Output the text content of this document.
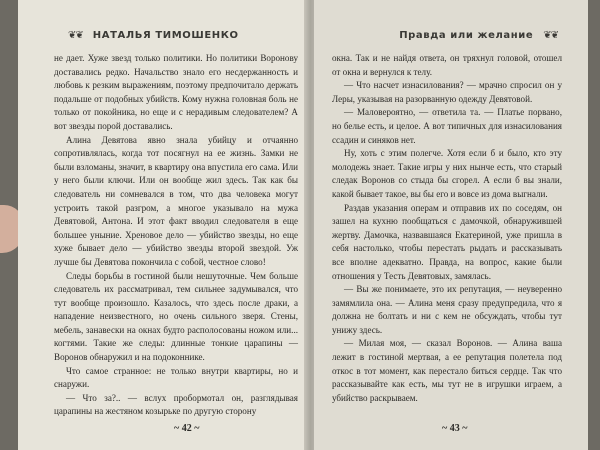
❦❦ НАТАЛЬЯ ТИМОШЕНКО

не дает. Хуже звезд только политики. Но политики Воронову доставались редко. Начальство знало его несдержанность и любовь к резким выражениям, поэтому предпочитало держать подальше от подобных убийств. Кому нужна головная боль не только от покойника, но еще и с нерадивым следователем? А вот звезды порой доставались.

Алина Девятова явно знала убийцу и отчаянно сопротивлялась, когда тот посягнул на ее жизнь. Замки не были взломаны, значит, в квартиру она впустила его сама. Или у него были ключи. Или он вообще жил здесь. Так как бы следователь ни сомневался в том, что два человека могут устроить такой разгром, а многое указывало на мужа Девятовой, Антона. И этот факт вводил следователя в еще большее уныние. Хреновое дело — убийство звезды, но еще хуже бывает дело — убийство звезды второй звездой. Уж лучше бы Девятова покончила с собой, честное слово!

Следы борьбы в гостиной были нешуточные. Чем больше следователь их рассматривал, тем сильнее задумывался, что тут вообще произошло. Казалось, что здесь после драки, а нападение неизвестного, но очень сильного зверя. Стены, мебель, занавески на окнах будто располосованы ножом или... когтями. Такие же следы: длинные тонкие царапины — Воронов обнаружил и на подоконнике.

Что самое странное: не только внутри квартиры, но и снаружи.

— Что за?.. — вслух пробормотал он, разглядывая царапины на жестяном козырьке по другую сторону

~ 42 ~
Правда или желание ❦❦

окна. Так и не найдя ответа, он тряхнул головой, отошел от окна и вернулся к телу.

— Что насчет изнасилования? — мрачно спросил он у Леры, указывая на разорванную одежду Девятовой.

— Маловероятно, — ответила та. — Платье порвано, но белье есть, и целое. А вот типичных для изнасилования ссадин и синяков нет.

Ну, хоть с этим полегче. Хотя если б и было, кто эту молодежь знает. Такие игры у них нынче есть, что старый следак Воронов со стыда бы сгорел. А если б вы знали, какой бывает такое, вы бы его и вовсе из дома выгнали.

Раздав указания операм и отправив их по соседям, он зашел на кухню пообщаться с дамочкой, обнаружившей жертву. Дамочка, назвавшаяся Екатериной, уже пришла в себя настолько, чтобы перестать рыдать и рассказывать все вполне адекватно. Правда, на вопрос, какие были отношения у Тесть Девятовых, замялась.

— Вы же понимаете, это их репутация, — неуверенно замямлила она. — Алина меня сразу предупредила, что я должна не болтать и ни с кем не обсуждать, чтобы тут унижу здесь.

— Милая моя, — сказал Воронов. — Алина ваша лежит в гостиной мертвая, а ее репутация полетела под откос в тот момент, как перестало биться сердце. Так что рассказывайте как есть, мы тут не в игрушки играем, а убийство раскрываем.

~ 43 ~
